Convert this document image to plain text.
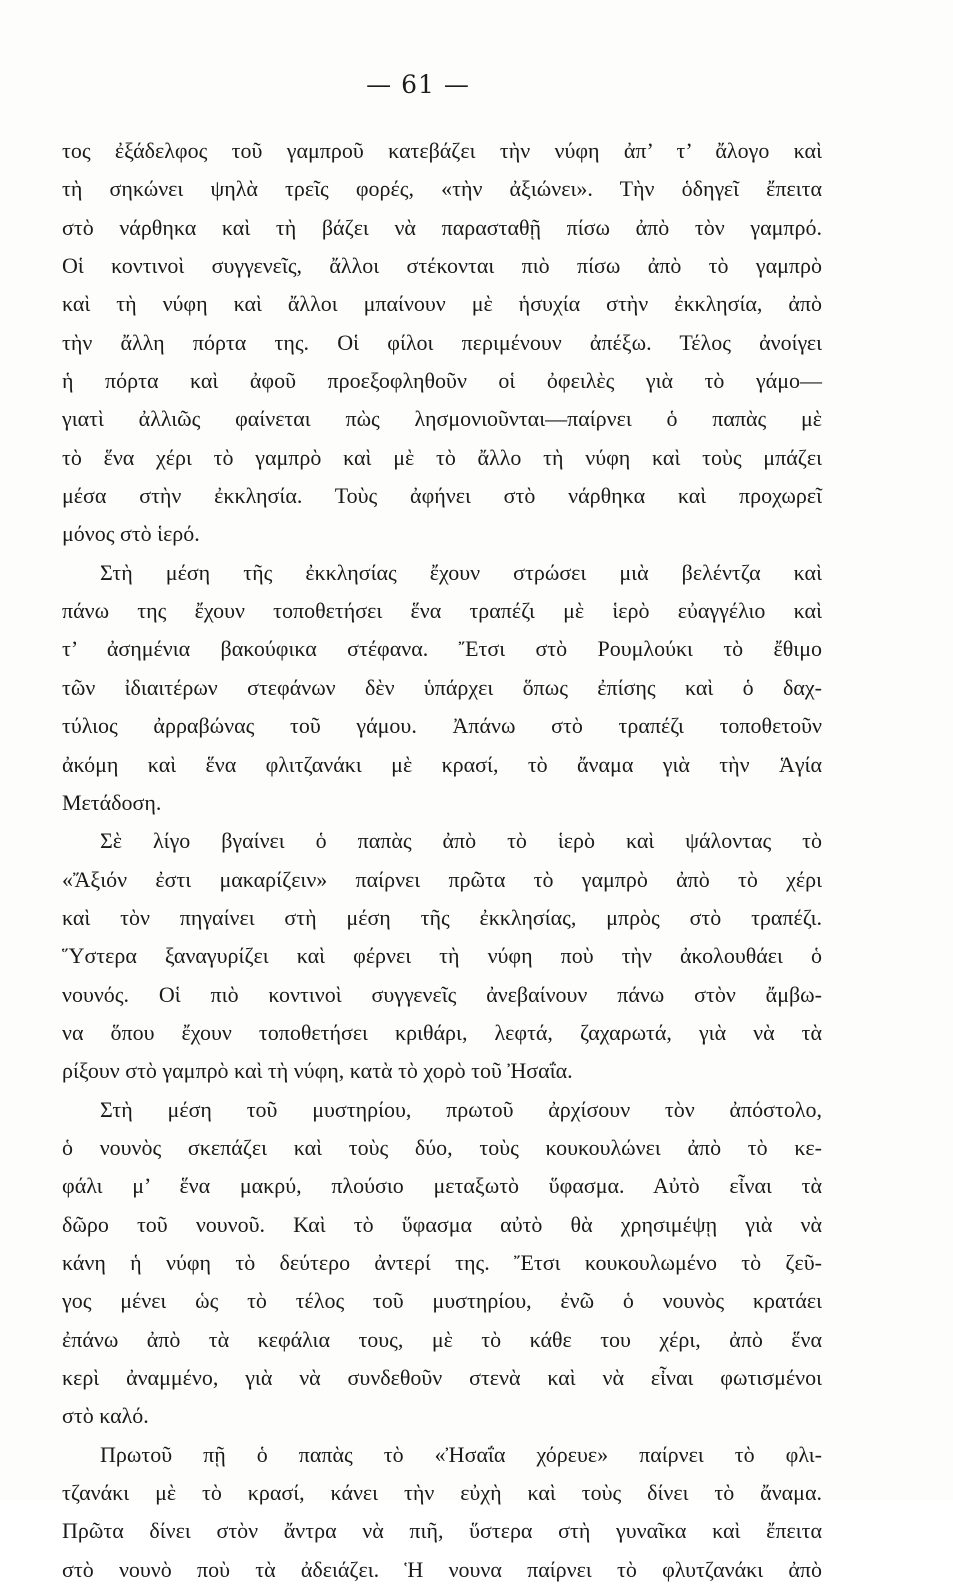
— 61 —
τος ἐξάδελφος τοῦ γαμπροῦ κατεβάζει τὴν νύφη ἀπ’ τ’ ἄλογο καὶ
τὴ σηκώνει ψηλὰ τρεῖς φορές, «τὴν ἀξιώνει». Τὴν ὁδηγεῖ ἔπειτα
στὸ νάρθηκα καὶ τὴ βάζει νὰ παρασταθῇ πίσω ἀπὸ τὸν γαμπρό.
Οἱ κοντινοὶ συγγενεῖς, ἄλλοι στέκονται πιὸ πίσω ἀπὸ τὸ γαμπρὸ
καὶ τὴ νύφη καὶ ἄλλοι μπαίνουν μὲ ἡσυχία στὴν ἐκκλησία, ἀπὸ
τὴν ἄλλη πόρτα της. Οἱ φίλοι περιμένουν ἀπέξω. Τέλος ἀνοίγει
ἡ πόρτα καὶ ἀφοῦ προεξοφληθοῦν οἱ ὀφειλὲς γιὰ τὸ γάμο—
γιατὶ ἀλλιῶς φαίνεται πὼς λησμονιοῦνται—παίρνει ὁ παπὰς μὲ
τὸ ἕνα χέρι τὸ γαμπρὸ καὶ μὲ τὸ ἄλλο τὴ νύφη καὶ τοὺς μπάζει
μέσα στὴν ἐκκλησία. Τοὺς ἀφήνει στὸ νάρθηκα καὶ προχωρεῖ
μόνος στὸ ἱερό.
Στὴ μέση τῆς ἐκκλησίας ἔχουν στρώσει μιὰ βελέντζα καὶ
πάνω της ἔχουν τοποθετήσει ἕνα τραπέζι μὲ ἱερὸ εὐαγγέλιο καὶ
τ’ ἀσημένια βακούφικα στέφανα. Ἔτσι στὸ Ρουμλούκι τὸ ἔθιμο
τῶν ἰδιαιτέρων στεφάνων δὲν ὑπάρχει ὅπως ἐπίσης καὶ ὁ δαχ-
τύλιος ἀρραβώνας τοῦ γάμου. Ἀπάνω στὸ τραπέζι τοποθετοῦν
ἀκόμη καὶ ἕνα φλιτζανάκι μὲ κρασί, τὸ ἄναμα γιὰ τὴν Ἁγία
Μετάδοση.
Σὲ λίγο βγαίνει ὁ παπὰς ἀπὸ τὸ ἱερὸ καὶ ψάλοντας τὸ
«Ἄξιόν ἐστι μακαρίζειν» παίρνει πρῶτα τὸ γαμπρὸ ἀπὸ τὸ χέρι
καὶ τὸν πηγαίνει στὴ μέση τῆς ἐκκλησίας, μπρὸς στὸ τραπέζι.
Ὕστερα ξαναγυρίζει καὶ φέρνει τὴ νύφη ποὺ τὴν ἀκολουθάει ὁ
νουνός. Οἱ πιὸ κοντινοὶ συγγενεῖς ἀνεβαίνουν πάνω στὸν ἄμβω-
να ὅπου ἔχουν τοποθετήσει κριθάρι, λεφτά, ζαχαρωτά, γιὰ νὰ τὰ
ρίξουν στὸ γαμπρὸ καὶ τὴ νύφη, κατὰ τὸ χορὸ τοῦ Ἠσαΐα.
Στὴ μέση τοῦ μυστηρίου, πρωτοῦ ἀρχίσουν τὸν ἀπόστολο,
ὁ νουνὸς σκεπάζει καὶ τοὺς δύο, τοὺς κουκουλώνει ἀπὸ τὸ κε-
φάλι μ’ ἕνα μακρύ, πλούσιο μεταξωτὸ ὕφασμα. Αὐτὸ εἶναι τὰ
δῶρο τοῦ νουνοῦ. Καὶ τὸ ὕφασμα αὐτὸ θὰ χρησιμέψῃ γιὰ νὰ
κάνη ἡ νύφη τὸ δεύτερο ἀντερί της. Ἔτσι κουκουλωμένο τὸ ζεῦ-
γος μένει ὡς τὸ τέλος τοῦ μυστηρίου, ἐνῶ ὁ νουνὸς κρατάει
ἐπάνω ἀπὸ τὰ κεφάλια τους, μὲ τὸ κάθε του χέρι, ἀπὸ ἕνα
κερὶ ἀναμμένο, γιὰ νὰ συνδεθοῦν στενὰ καὶ νὰ εἶναι φωτισμένοι
στὸ καλό.
Πρωτοῦ πῇ ὁ παπὰς τὸ «Ἠσαΐα χόρευε» παίρνει τὸ φλι-
τζανάκι μὲ τὸ κρασί, κάνει τὴν εὐχὴ καὶ τοὺς δίνει τὸ ἄναμα.
Πρῶτα δίνει στὸν ἄντρα νὰ πιῆ, ὕστερα στὴ γυναῖκα καὶ ἔπειτα
στὸ νουνὸ ποὺ τὰ ἀδειάζει. Ἡ νουνα παίρνει τὸ φλυτζανάκι ἀπὸ
